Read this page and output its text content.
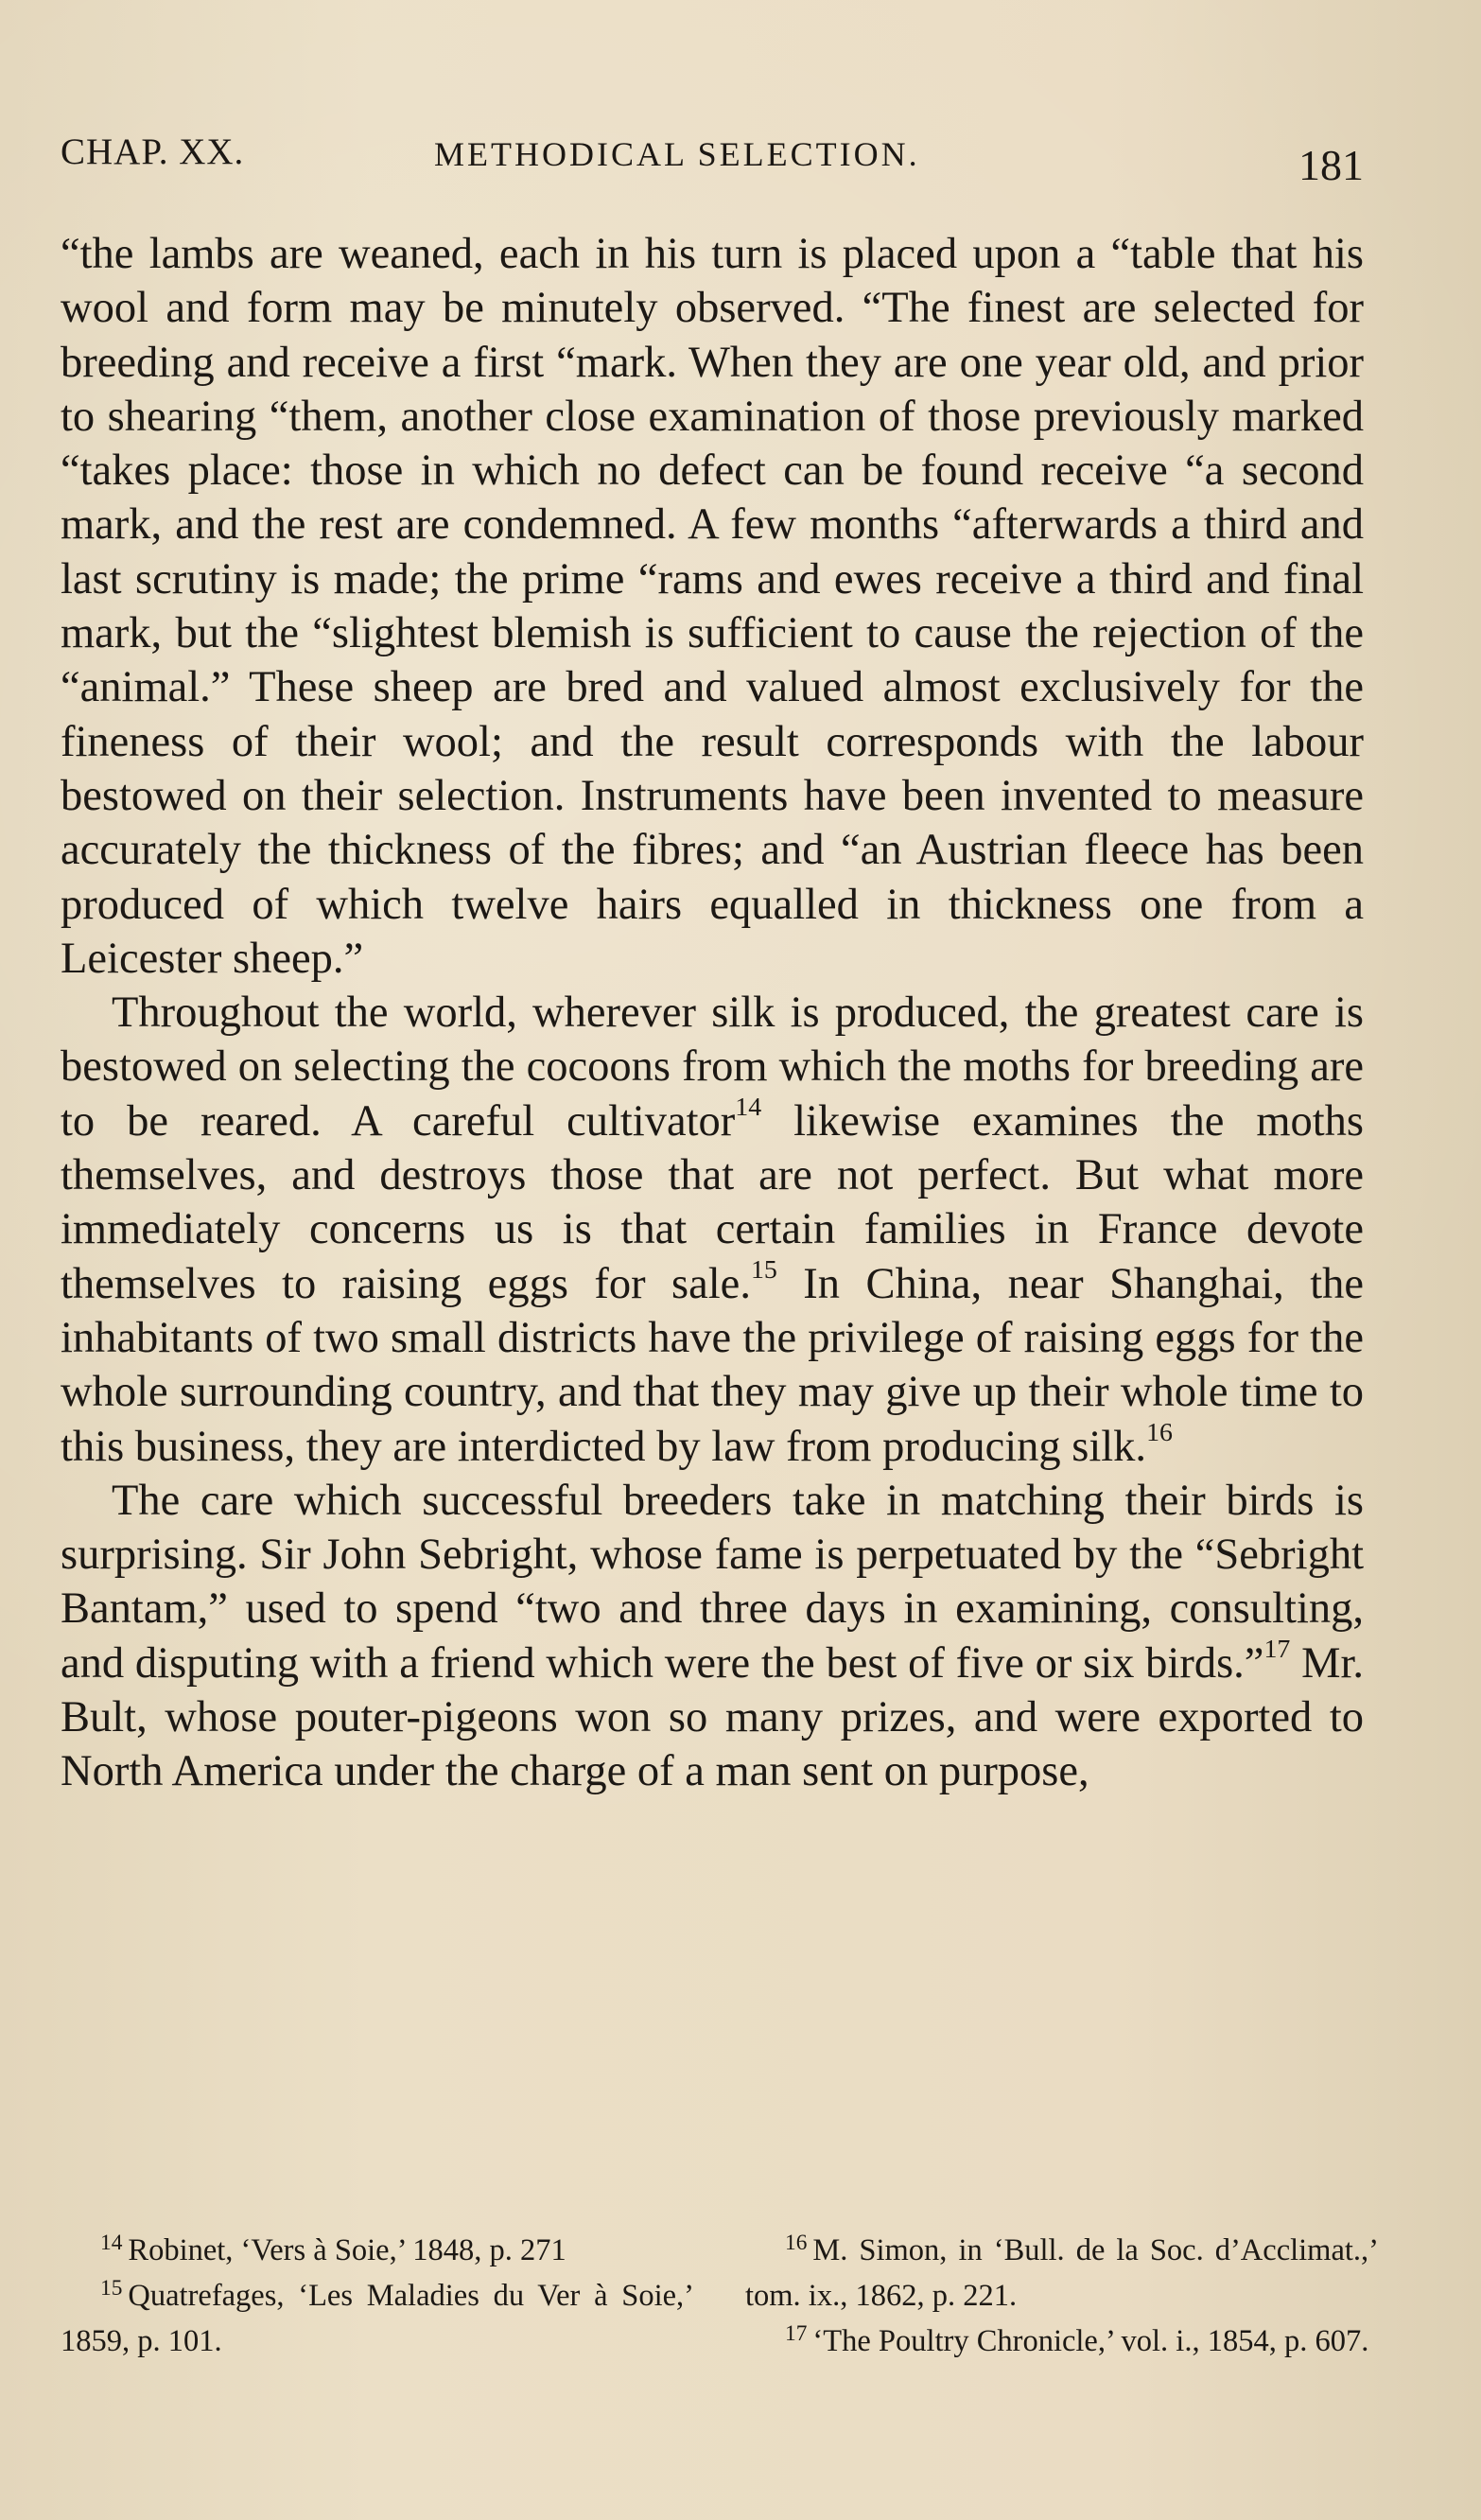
CHAP. XX.	METHODICAL SELECTION.	181

“the lambs are weaned, each in his turn is placed upon a “table that his wool and form may be minutely observed. “The finest are selected for breeding and receive a first “mark. When they are one year old, and prior to shearing “them, another close examination of those previously marked “takes place: those in which no defect can be found receive “a second mark, and the rest are condemned. A few months “afterwards a third and last scrutiny is made; the prime “rams and ewes receive a third and final mark, but the “slightest blemish is sufficient to cause the rejection of the “animal.” These sheep are bred and valued almost exclusively for the fineness of their wool; and the result corresponds with the labour bestowed on their selection. Instruments have been invented to measure accurately the thickness of the fibres; and “an Austrian fleece has been produced of which twelve hairs equalled in thickness one from a Leicester sheep.”

Throughout the world, wherever silk is produced, the greatest care is bestowed on selecting the cocoons from which the moths for breeding are to be reared. A careful cultivator$^{14}$ likewise examines the moths themselves, and destroys those that are not perfect. But what more immediately concerns us is that certain families in France devote themselves to raising eggs for sale.$^{15}$ In China, near Shanghai, the inhabitants of two small districts have the privilege of raising eggs for the whole surrounding country, and that they may give up their whole time to this business, they are interdicted by law from producing silk.$^{16}$

The care which successful breeders take in matching their birds is surprising. Sir John Sebright, whose fame is perpetuated by the “Sebright Bantam,” used to spend “two and three days in examining, consulting, and disputing with a friend which were the best of five or six birds.”$^{17}$ Mr. Bult, whose pouter-pigeons won so many prizes, and were exported to North America under the charge of a man sent on purpose,

$^{14}$ Robinet, ‘Vers à Soie,’ 1848, p. 271

$^{15}$ Quatrefages, ‘Les Maladies du Ver à Soie,’ 1859, p. 101.

$^{16}$ M. Simon, in ‘Bull. de la Soc. d’Acclimat.,’ tom. ix., 1862, p. 221.

$^{17}$ ‘The Poultry Chronicle,’ vol. i., 1854, p. 607.
